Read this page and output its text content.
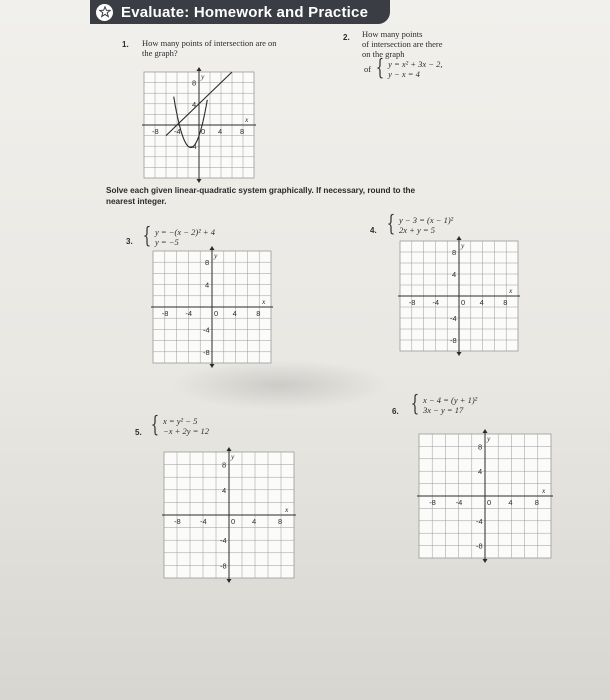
Evaluate: Homework and Practice
1. How many points of intersection are on the graph?
-8 -4	0 4 8
8
4
-4
x
y
2. How many points
of intersection are there
on the graph
of { y = x² + 3x − 2,
y − x = 4
Solve each given linear-quadratic system graphically. If necessary, round to the nearest integer.
3. { y = −(x − 2)² + 4
y = −5
-8 -4	0 4	8
8
4
-4
-8
x
y
4. { y − 3 = (x − 1)²
2x + y = 5
-8 -4	0 4	8
8
4
-4
-8
x
y
5. { x = y² − 5
−x + 2y = 12
-8	-4	0 4	8
8
4
-4
-8
x
y
6. { x − 4 = (y + 1)²
3x − y = 17
-8	-4	0 4	8
8
4
-4
-8
x
y
